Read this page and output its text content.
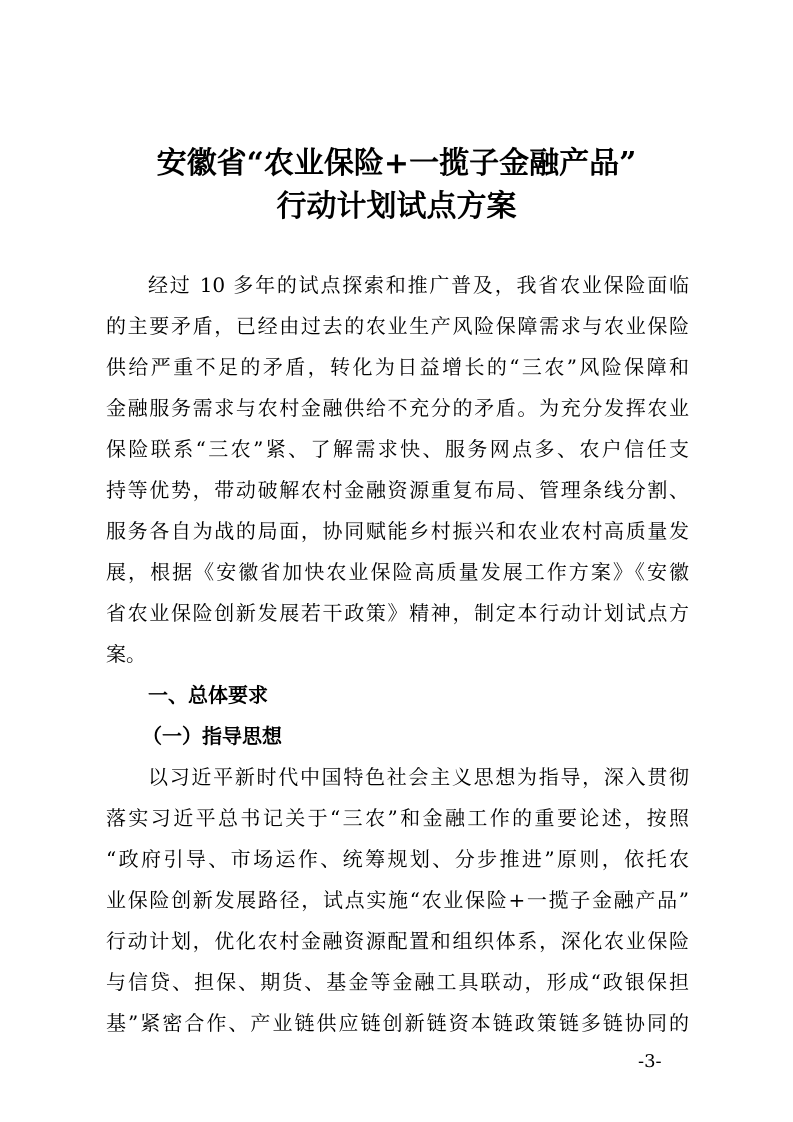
安徽省“农业保险+一揽子金融产品”
行动计划试点方案

经过 10 多年的试点探索和推广普及，我省农业保险面临

的主要矛盾，已经由过去的农业生产风险保障需求与农业保险

供给严重不足的矛盾，转化为日益增长的“三农”风险保障和

金融服务需求与农村金融供给不充分的矛盾。为充分发挥农业

保险联系“三农”紧、了解需求快、服务网点多、农户信任支

持等优势，带动破解农村金融资源重复布局、管理条线分割、

服务各自为战的局面，协同赋能乡村振兴和农业农村高质量发

展，根据《安徽省加快农业保险高质量发展工作方案》《安徽

省农业保险创新发展若干政策》精神，制定本行动计划试点方

案。

一、总体要求
（一）指导思想

以习近平新时代中国特色社会主义思想为指导，深入贯彻

落实习近平总书记关于“三农”和金融工作的重要论述，按照

“政府引导、市场运作、统筹规划、分步推进”原则，依托农

业保险创新发展路径，试点实施“农业保险+一揽子金融产品”

行动计划，优化农村金融资源配置和组织体系，深化农业保险

与信贷、担保、期货、基金等金融工具联动，形成“政银保担

基”紧密合作、产业链供应链创新链资本链政策链多链协同的

-3-
